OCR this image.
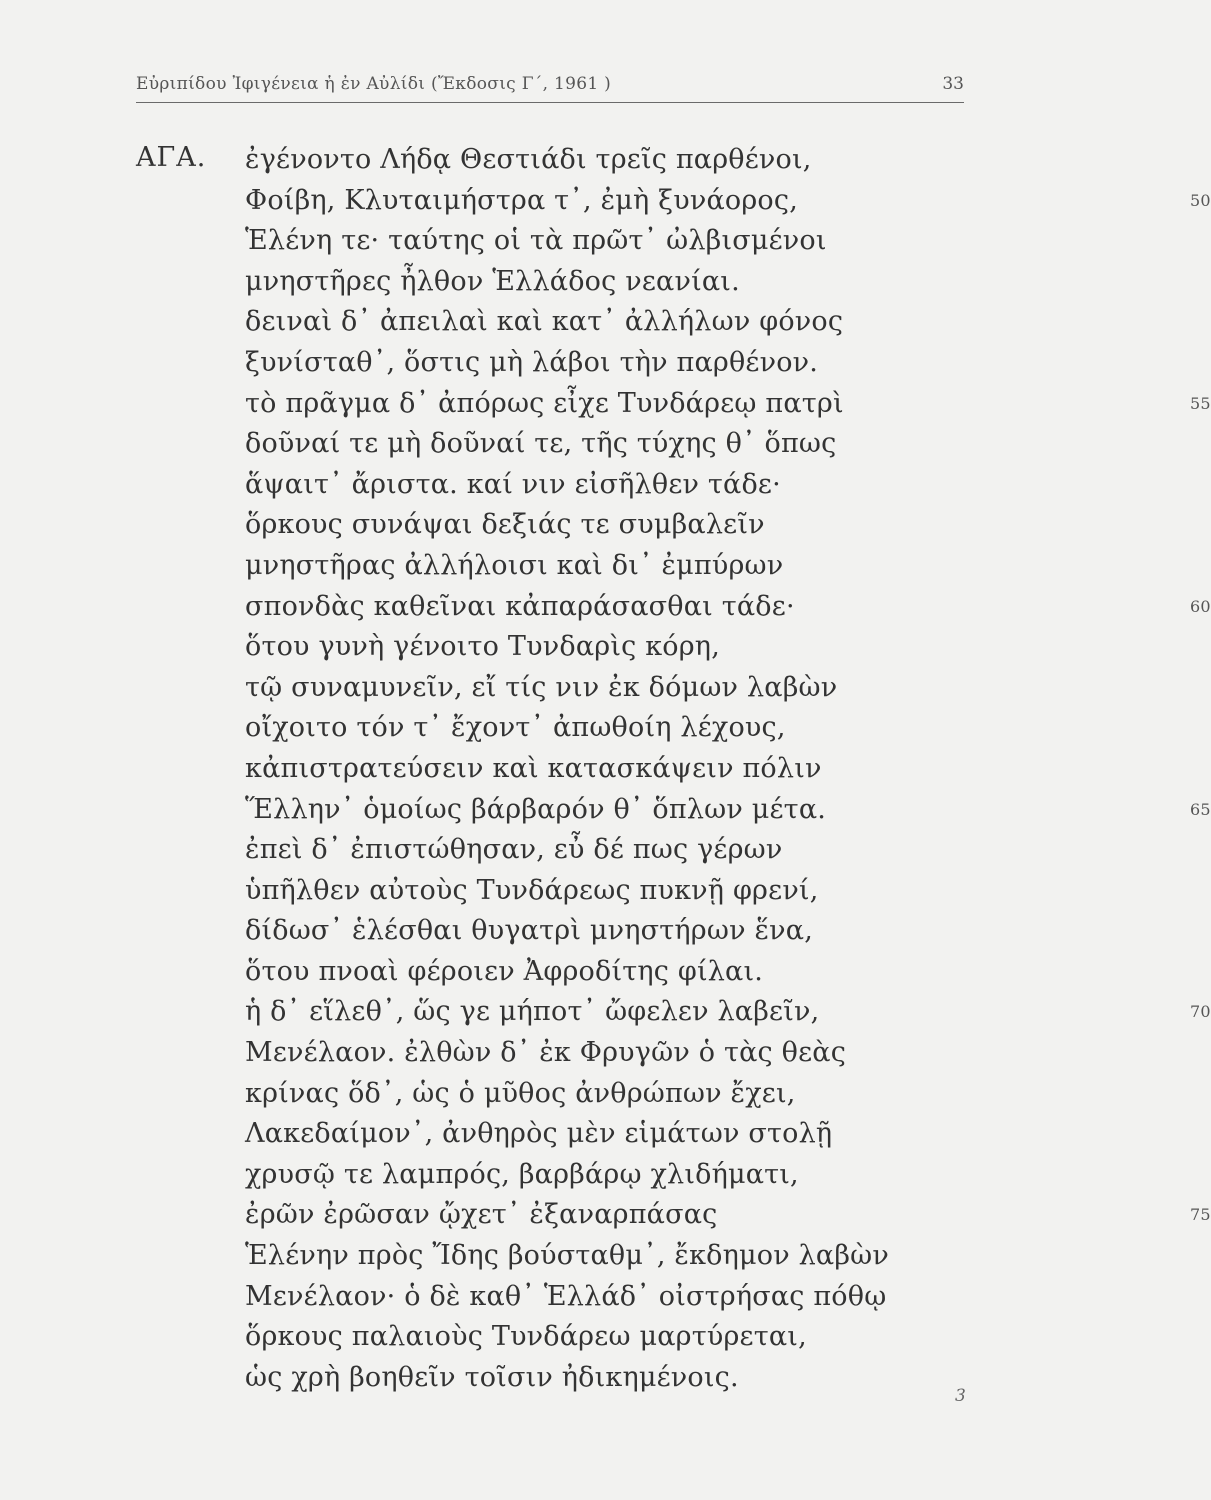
Εὐριπίδου Ἰφιγένεια ἡ ἐν Αὐλίδι (Ἔκδοσις Γ΄, 1961 )	33
ΑΓΑ. ἐγένοντο Λήδᾳ Θεστιάδι τρεῖς παρθένοι,
Φοίβη, Κλυταιμήστρα τ᾽, ἐμὴ ξυνάορος,	50
Ἑλένη τε· ταύτης οἱ τὰ πρῶτ᾽ ὠλβισμένοι
μνηστῆρες ἦλθον Ἑλλάδος νεανίαι.
δειναὶ δ᾽ ἀπειλαὶ καὶ κατ᾽ ἀλλήλων φόνος
ξυνίσταθ᾽, ὅστις μὴ λάβοι τὴν παρθένον.
τὸ πρᾶγμα δ᾽ ἀπόρως εἶχε Τυνδάρεῳ πατρὶ	55
δοῦναί τε μὴ δοῦναί τε, τῆς τύχης θ᾽ ὅπως
ἅψαιτ᾽ ἄριστα. καί νιν εἰσῆλθεν τάδε·
ὅρκους συνάψαι δεξιάς τε συμβαλεῖν
μνηστῆρας ἀλλήλοισι καὶ δι᾽ ἐμπύρων
σπονδὰς καθεῖναι κἀπαράσασθαι τάδε·	60
ὅτου γυνὴ γένοιτο Τυνδαρὶς κόρη,
τῷ συναμυνεῖν, εἴ τίς νιν ἐκ δόμων λαβὼν
οἴχοιτο τόν τ᾽ ἔχοντ᾽ ἀπωθοίη λέχους,
κἀπιστρατεύσειν καὶ κατασκάψειν πόλιν
Ἕλλην᾽ ὁμοίως βάρβαρόν θ᾽ ὅπλων μέτα.	65
ἐπεὶ δ᾽ ἐπιστώθησαν, εὖ δέ πως γέρων
ὑπῆλθεν αὐτοὺς Τυνδάρεως πυκνῇ φρενί,
δίδωσ᾽ ἑλέσθαι θυγατρὶ μνηστήρων ἕνα,
ὅτου πνοαὶ φέροιεν Ἀφροδίτης φίλαι.
ἡ δ᾽ εἵλεθ᾽, ὥς γε μήποτ᾽ ὤφελεν λαβεῖν,	70
Μενέλαον. ἐλθὼν δ᾽ ἐκ Φρυγῶν ὁ τὰς θεὰς
κρίνας ὅδ᾽, ὡς ὁ μῦθος ἀνθρώπων ἔχει,
Λακεδαίμον᾽, ἀνθηρὸς μὲν εἱμάτων στολῇ
χρυσῷ τε λαμπρός, βαρβάρῳ χλιδήματι,
ἐρῶν ἐρῶσαν ᾤχετ᾽ ἐξαναρπάσας	75
Ἑλένην πρὸς Ἴδης βούσταθμ᾽, ἔκδημον λαβὼν
Μενέλαον· ὁ δὲ καθ᾽ Ἑλλάδ᾽ οἰστρήσας πόθῳ
ὅρκους παλαιοὺς Τυνδάρεω μαρτύρεται,
ὡς χρὴ βοηθεῖν τοῖσιν ἠδικημένοις.
3
